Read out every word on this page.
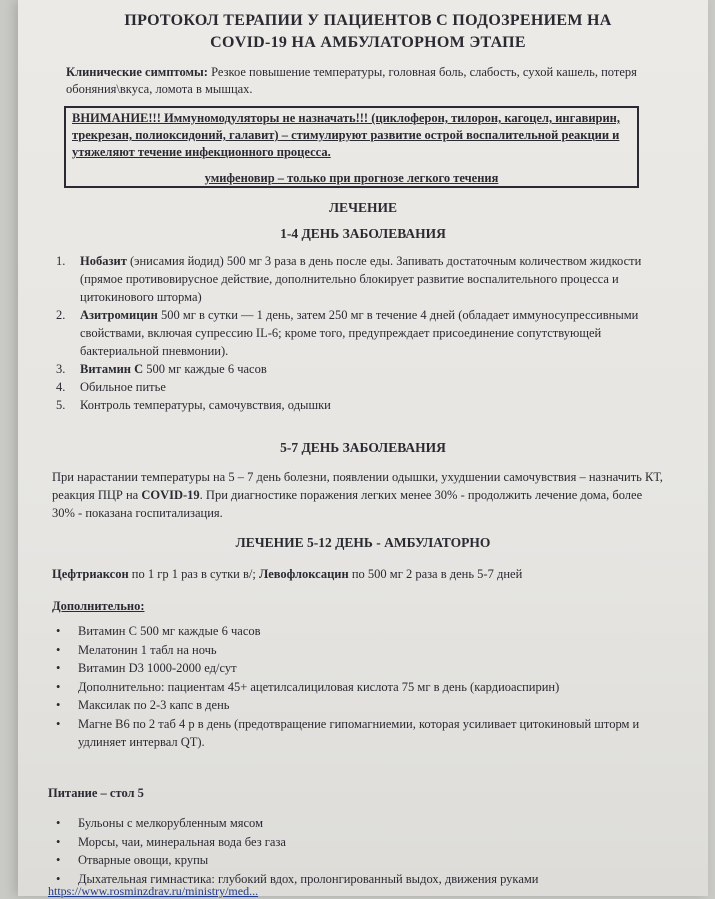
ПРОТОКОЛ ТЕРАПИИ У ПАЦИЕНТОВ С ПОДОЗРЕНИЕМ НА
COVID-19 НА АМБУЛАТОРНОМ ЭТАПЕ
Клинические симптомы: Резкое повышение температуры, головная боль, слабость, сухой кашель, потеря обоняния\вкуса, ломота в мышцах.
ВНИМАНИЕ!!! Иммуномодуляторы не назначать!!! (циклоферон, тилорон, кагоцел, ингавирин, трекрезан, полиоксидоний, галавит) – стимулируют развитие острой воспалительной реакции и утяжеляют течение инфекционного процесса.
умифеновир – только при прогнозе легкого течения
ЛЕЧЕНИЕ
1-4 ДЕНЬ ЗАБОЛЕВАНИЯ
1.	Нобазит (энисамия йодид) 500 мг 3 раза в день после еды. Запивать достаточным количеством жидкости (прямое противовирусное действие, дополнительно блокирует развитие воспалительного процесса и цитокинового шторма)
2.	Азитромицин 500 мг в сутки — 1 день, затем 250 мг в течение 4 дней (обладает иммуносупрессивными свойствами, включая супрессию IL-6; кроме того, предупреждает присоединение сопутствующей бактериальной пневмонии).
3.	Витамин С 500 мг каждые 6 часов
4.	Обильное питье
5.	Контроль температуры, самочувствия, одышки
5-7 ДЕНЬ ЗАБОЛЕВАНИЯ
При нарастании температуры на 5 – 7 день болезни, появлении одышки, ухудшении самочувствия – назначить КТ, реакция ПЦР на COVID-19. При диагностике поражения легких менее 30% - продолжить лечение дома, более 30% - показана госпитализация.
ЛЕЧЕНИЕ 5-12 ДЕНЬ - АМБУЛАТОРНО
Цефтриаксон по 1 гр 1 раз в сутки в/; Левофлоксацин по 500 мг 2 раза в день 5-7 дней
Дополнительно:
• Витамин С 500 мг каждые 6 часов
• Мелатонин 1 табл на ночь
• Витамин D3 1000-2000 ед/сут
• Дополнительно: пациентам 45+ ацетилсалициловая кислота 75 мг в день (кардиоаспирин)
• Максилак по 2-3 капс в день
• Магне В6 по 2 таб 4 р в день (предотвращение гипомагниемии, которая усиливает цитокиновый шторм и удлиняет интервал QT).
Питание – стол 5
• Бульоны с мелкорубленным мясом
• Морсы, чаи, минеральная вода без газа
• Отварные овощи, крупы
• Дыхательная гимнастика: глубокий вдох, пролонгированный выдох, движения руками
https://www.rosminzdrav.ru/ministry/med...
